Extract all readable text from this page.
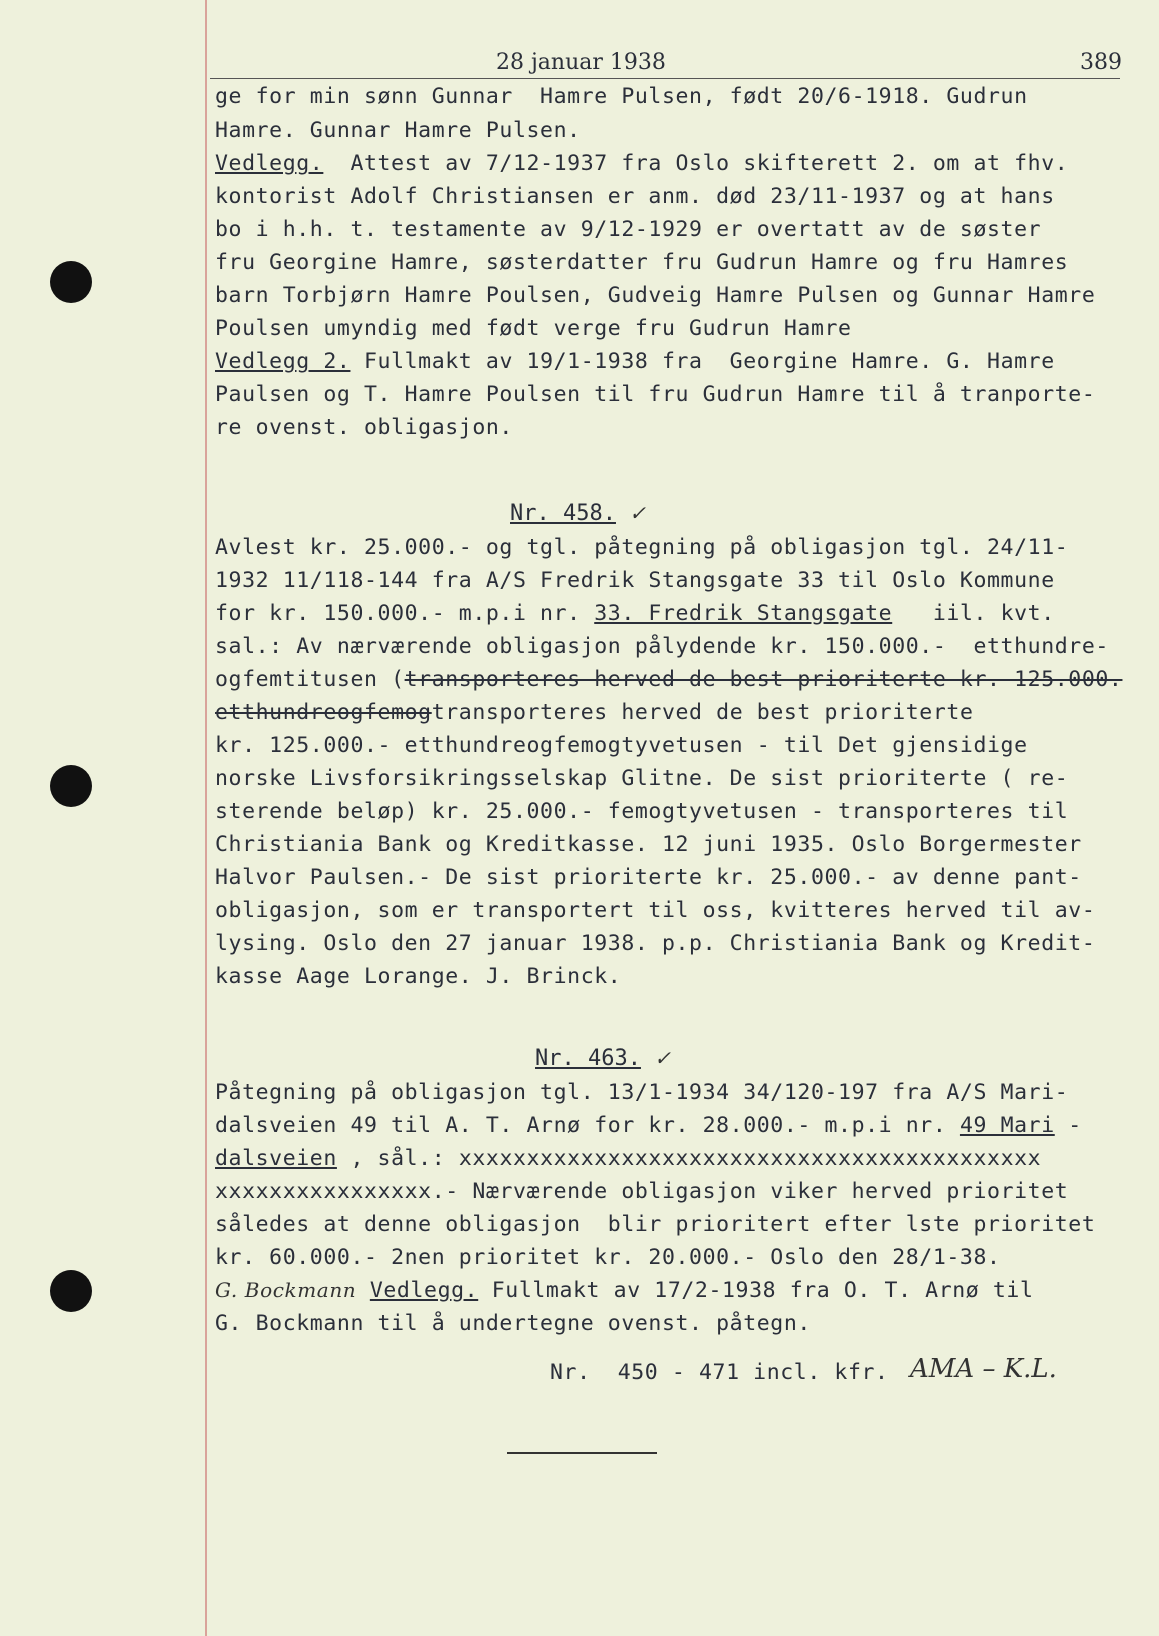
28 januar 1938	389
ge for min sønn Gunnar  Hamre Pulsen, født 20/6-1918. Gudrun
Hamre. Gunnar Hamre Pulsen.
Vedlegg.  Attest av 7/12-1937 fra Oslo skifterett 2. om at fhv.
kontorist Adolf Christiansen er anm. død 23/11-1937 og at hans
bo i h.h. t. testamente av 9/12-1929 er overtatt av de søster
fru Georgine Hamre, søsterdatter fru Gudrun Hamre og fru Hamres
barn Torbjørn Hamre Poulsen, Gudveig Hamre Pulsen og Gunnar Hamre
Poulsen umyndig med født verge fru Gudrun Hamre
Vedlegg 2. Fullmakt av 19/1-1938 fra  Georgine Hamre. G. Hamre
Paulsen og T. Hamre Poulsen til fru Gudrun Hamre til å tranporte-
re ovenst. obligasjon.
Nr. 458. ✓
Avlest kr. 25.000.- og tgl. påtegning på obligasjon tgl. 24/11-
1932 11/118-144 fra A/S Fredrik Stangsgate 33 til Oslo Kommune
for kr. 150.000.- m.p.i nr. 33. Fredrik Stangsgate   iil. kvt.
sal.: Av nærværende obligasjon pålydende kr. 150.000.-  etthundre-
ogfemtitusen (transporteres herved de best prioriterte kr. 125.000.
etthundreogfemogtransporteres herved de best prioriterte
kr. 125.000.- etthundreogfemogtyvetusen - til Det gjensidige
norske Livsforsikringsselskap Glitne. De sist prioriterte ( re-
sterende beløp) kr. 25.000.- femogtyvetusen - transporteres til
Christiania Bank og Kreditkasse. 12 juni 1935. Oslo Borgermester
Halvor Paulsen.- De sist prioriterte kr. 25.000.- av denne pant-
obligasjon, som er transportert til oss, kvitteres herved til av-
lysing. Oslo den 27 januar 1938. p.p. Christiania Bank og Kredit-
kasse Aage Lorange. J. Brinck.
Nr. 463. ✓
Påtegning på obligasjon tgl. 13/1-1934 34/120-197 fra A/S Mari-
dalsveien 49 til A. T. Arnø for kr. 28.000.- m.p.i nr. 49 Mari -
dalsveien , sål.: xxxxxxxxxxxxxxxxxxxxxxxxxxxxxxxxxxxxxxxxxxx
xxxxxxxxxxxxxxxx.- Nærværende obligasjon viker herved prioritet
således at denne obligasjon  blir prioritert efter lste prioritet
kr. 60.000.- 2nen prioritet kr. 20.000.- Oslo den 28/1-38.
G. Bockmann Vedlegg. Fullmakt av 17/2-1938 fra O. T. Arnø til
G. Bockmann til å undertegne ovenst. påtegn.
Nr.  450 - 471 incl. kfr. AMA – K.L.
